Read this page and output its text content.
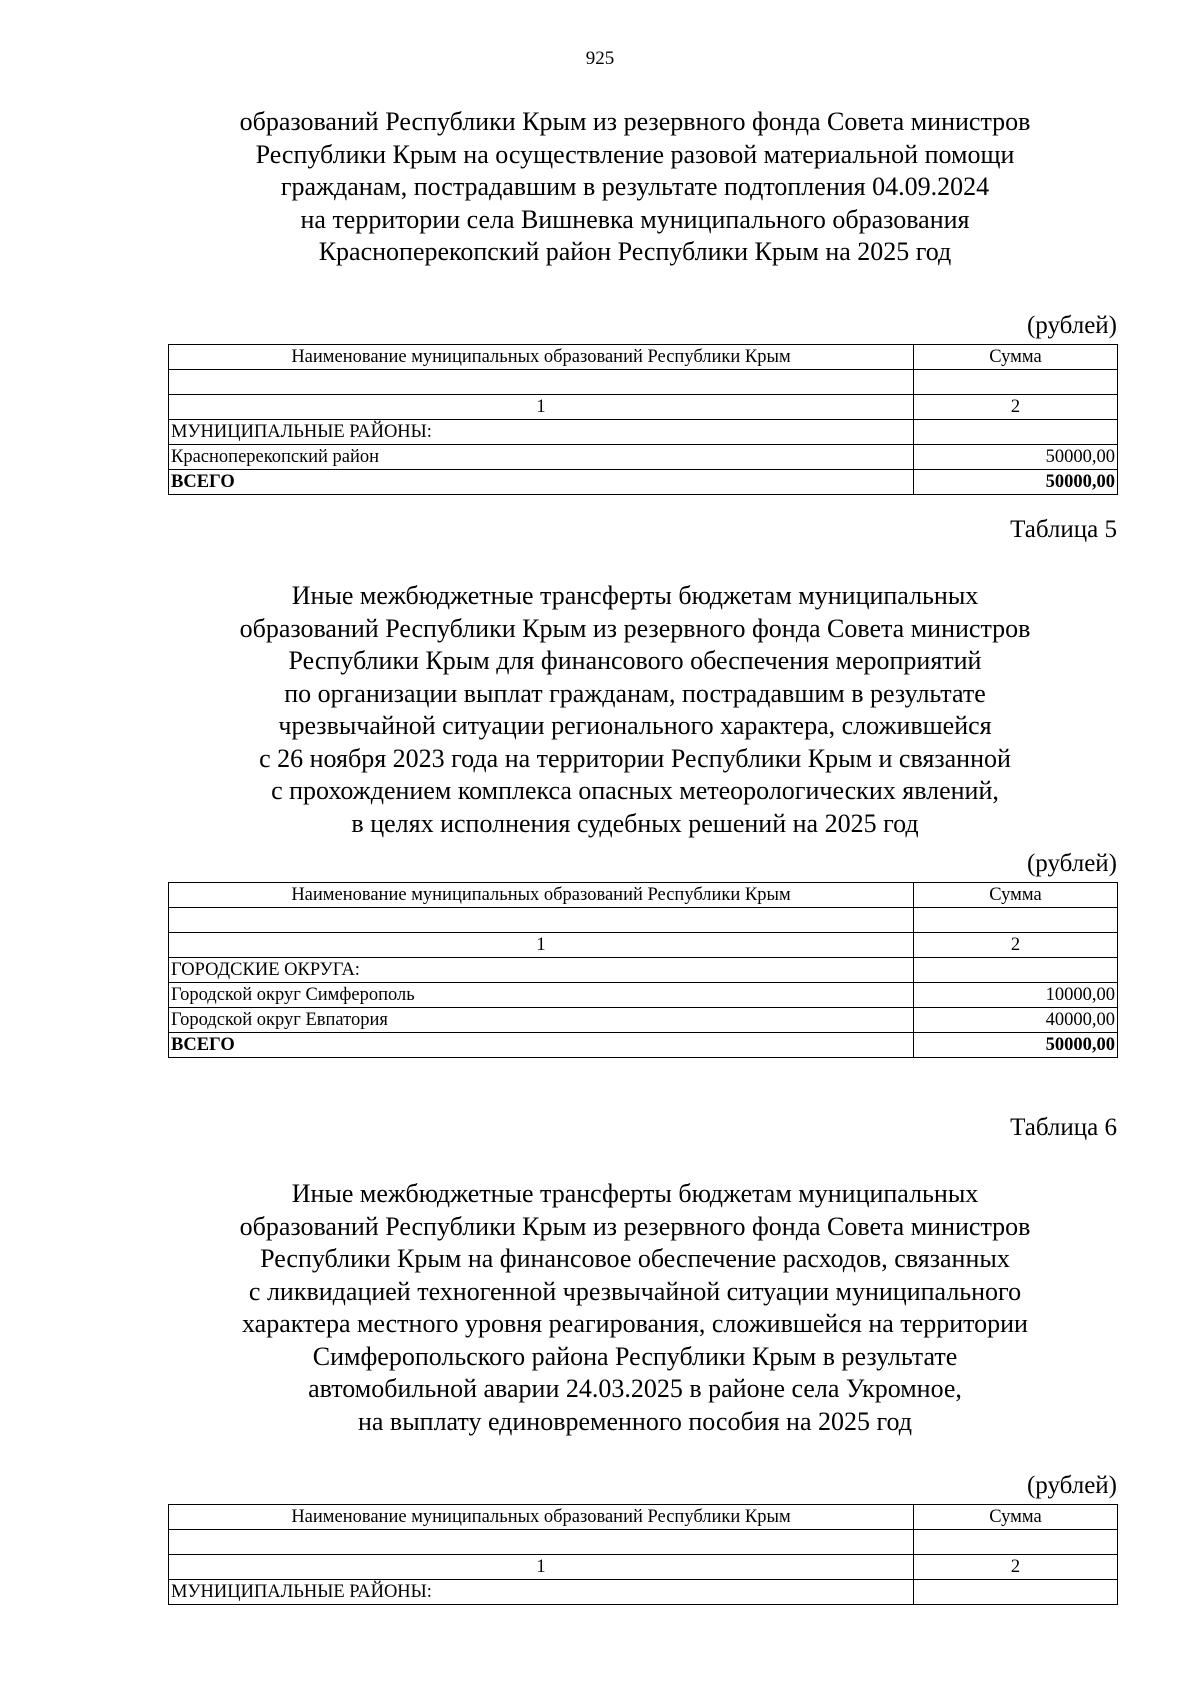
925
образований Республики Крым из резервного фонда Совета министров
Республики Крым на осуществление разовой материальной помощи
гражданам, пострадавшим в результате подтопления 04.09.2024
на территории села Вишневка муниципального образования
Красноперекопский район Республики Крым на 2025 год
(рублей)
Наименование муниципальных образований Республики Крым	Сумма

1	2
МУНИЦИПАЛЬНЫЕ РАЙОНЫ:	
Красноперекопский район	50000,00
ВСЕГО	50000,00
Таблица 5
Иные межбюджетные трансферты бюджетам муниципальных
образований Республики Крым из резервного фонда Совета министров
Республики Крым для финансового обеспечения мероприятий
по организации выплат гражданам, пострадавшим в результате
чрезвычайной ситуации регионального характера, сложившейся
с 26 ноября 2023 года на территории Республики Крым и связанной
с прохождением комплекса опасных метеорологических явлений,
в целях исполнения судебных решений на 2025 год
(рублей)
Наименование муниципальных образований Республики Крым	Сумма

1	2
ГОРОДСКИЕ ОКРУГА:	
Городской округ Симферополь	10000,00
Городской округ Евпатория	40000,00
ВСЕГО	50000,00
Таблица 6
Иные межбюджетные трансферты бюджетам муниципальных
образований Республики Крым из резервного фонда Совета министров
Республики Крым на финансовое обеспечение расходов, связанных
с ликвидацией техногенной чрезвычайной ситуации муниципального
характера местного уровня реагирования, сложившейся на территории
Симферопольского района Республики Крым в результате
автомобильной аварии 24.03.2025 в районе села Укромное,
на выплату единовременного пособия на 2025 год
(рублей)
Наименование муниципальных образований Республики Крым	Сумма

1	2
МУНИЦИПАЛЬНЫЕ РАЙОНЫ:	
